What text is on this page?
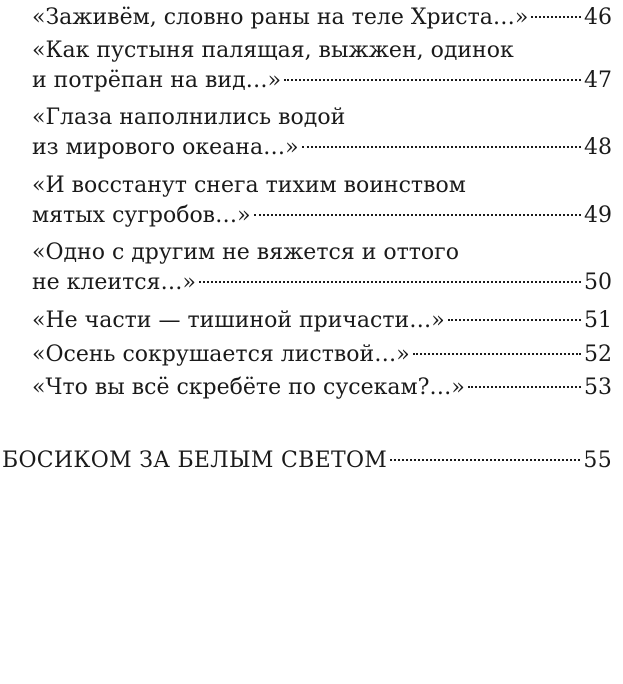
«Заживём, словно раны на теле Христа…»	46
«Как пустыня палящая, выжжен, одинок
и потрёпан на вид…»	47
«Глаза наполнились водой
из мирового океана…»	48
«И восстанут снега тихим воинством
мятых сугробов…»	49
«Одно с другим не вяжется и оттого
не клеится…»	50
«Не части — тишиной причасти…»	51
«Осень сокрушается листвой…»	52
«Что вы всё скребёте по сусекам?…»	53
БОСИКОМ ЗА БЕЛЫМ СВЕТОМ	55
